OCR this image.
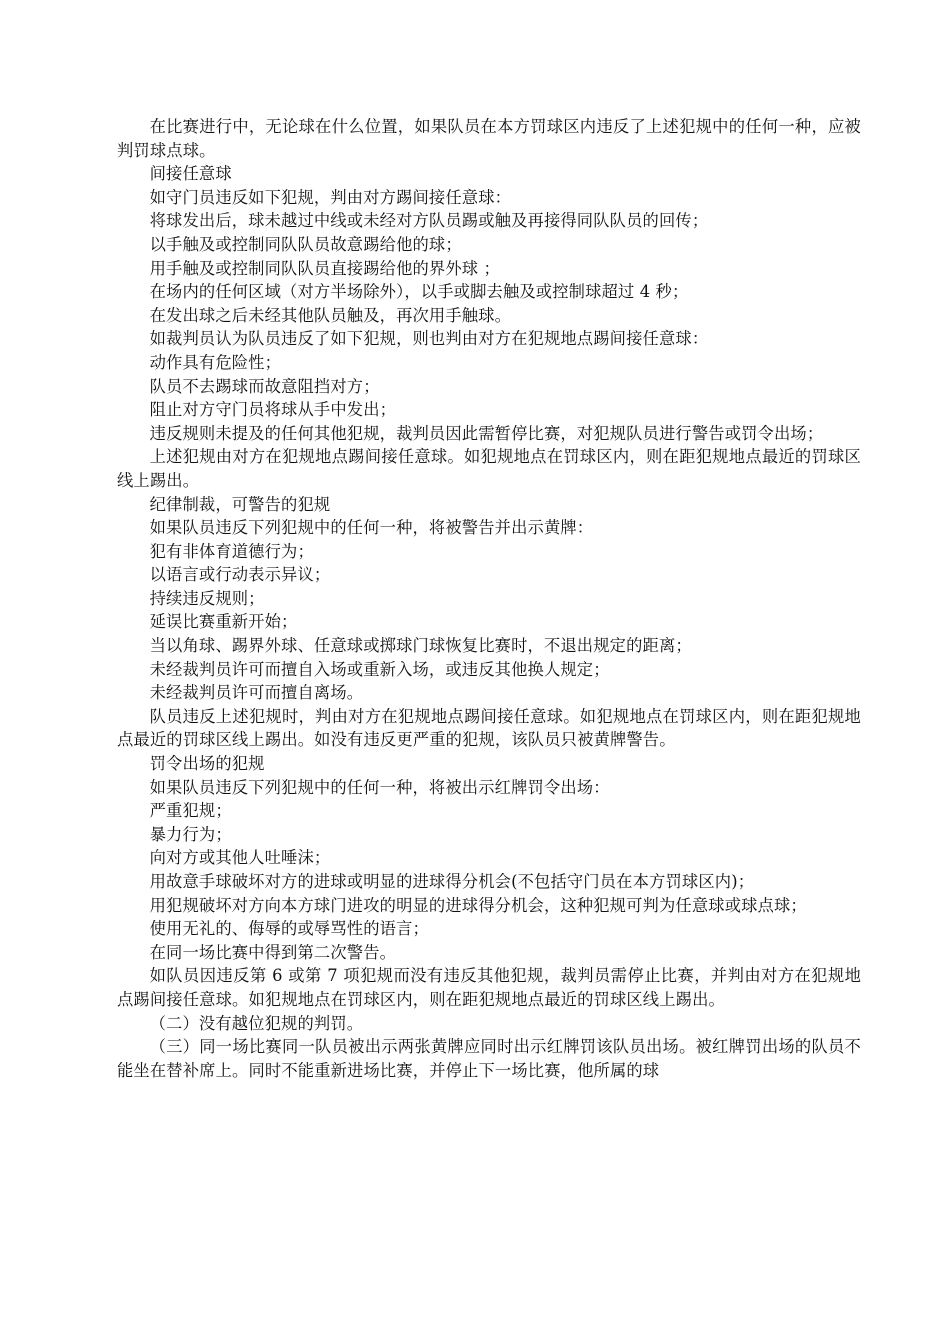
在比赛进行中，无论球在什么位置，如果队员在本方罚球区内违反了上述犯规中的任何一种，应被判罚球点球。

间接任意球

如守门员违反如下犯规，判由对方踢间接任意球：

将球发出后，球未越过中线或未经对方队员踢或触及再接得同队队员的回传；

以手触及或控制同队队员故意踢给他的球；

用手触及或控制同队队员直接踢给他的界外球 ；

在场内的任何区域（对方半场除外），以手或脚去触及或控制球超过 4 秒；

在发出球之后未经其他队员触及，再次用手触球。

如裁判员认为队员违反了如下犯规，则也判由对方在犯规地点踢间接任意球：

动作具有危险性；

队员不去踢球而故意阻挡对方；

阻止对方守门员将球从手中发出；

违反规则未提及的任何其他犯规，裁判员因此需暂停比赛，对犯规队员进行警告或罚令出场；

上述犯规由对方在犯规地点踢间接任意球。如犯规地点在罚球区内，则在距犯规地点最近的罚球区线上踢出。

纪律制裁，可警告的犯规

如果队员违反下列犯规中的任何一种，将被警告并出示黄牌：

犯有非体育道德行为；

以语言或行动表示异议；

持续违反规则；

延误比赛重新开始；

当以角球、踢界外球、任意球或掷球门球恢复比赛时，不退出规定的距离；

未经裁判员许可而擅自入场或重新入场，或违反其他换人规定；

未经裁判员许可而擅自离场。

队员违反上述犯规时，判由对方在犯规地点踢间接任意球。如犯规地点在罚球区内，则在距犯规地点最近的罚球区线上踢出。如没有违反更严重的犯规，该队员只被黄牌警告。

罚令出场的犯规

如果队员违反下列犯规中的任何一种，将被出示红牌罚令出场：

严重犯规；

暴力行为；

向对方或其他人吐唾沫；

用故意手球破坏对方的进球或明显的进球得分机会(不包括守门员在本方罚球区内)；

用犯规破坏对方向本方球门进攻的明显的进球得分机会，这种犯规可判为任意球或球点球；

使用无礼的、侮辱的或辱骂性的语言；

在同一场比赛中得到第二次警告。

如队员因违反第 6 或第 7 项犯规而没有违反其他犯规，裁判员需停止比赛，并判由对方在犯规地点踢间接任意球。如犯规地点在罚球区内，则在距犯规地点最近的罚球区线上踢出。

（二）没有越位犯规的判罚。

（三）同一场比赛同一队员被出示两张黄牌应同时出示红牌罚该队员出场。被红牌罚出场的队员不能坐在替补席上。同时不能重新进场比赛，并停止下一场比赛，他所属的球
